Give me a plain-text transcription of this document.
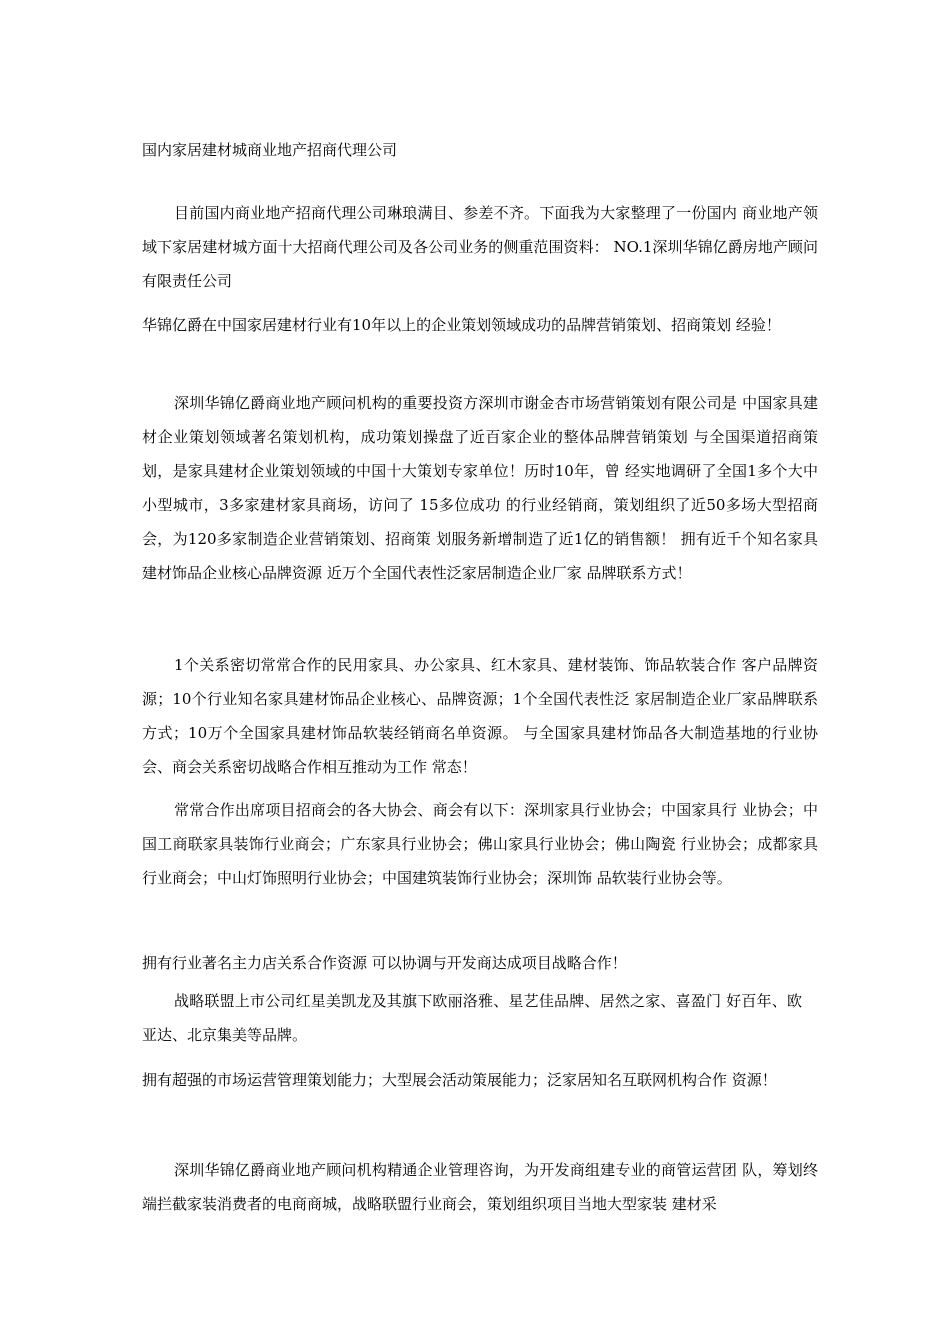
国内家居建材城商业地产招商代理公司

目前国内商业地产招商代理公司琳琅满目、参差不齐。下面我为大家整理了一份国内 商业地产领域下家居建材城方面十大招商代理公司及各公司业务的侧重范围资料： NO.1深圳华锦亿爵房地产顾问有限责任公司

华锦亿爵在中国家居建材行业有10年以上的企业策划领域成功的品牌营销策划、招商策划 经验！

深圳华锦亿爵商业地产顾问机构的重要投资方深圳市谢金杏市场营销策划有限公司是 中国家具建材企业策划领域著名策划机构，成功策划操盘了近百家企业的整体品牌营销策划 与全国渠道招商策划，是家具建材企业策划领域的中国十大策划专家单位！历时10年，曾 经实地调研了全国1多个大中小型城市，3多家建材家具商场，访问了 15多位成功 的行业经销商，策划组织了近50多场大型招商会，为120多家制造企业营销策划、招商策 划服务新增制造了近1亿的销售额！ 拥有近千个知名家具建材饰品企业核心品牌资源 近万个全国代表性泛家居制造企业厂家 品牌联系方式！

1个关系密切常常合作的民用家具、办公家具、红木家具、建材装饰、饰品软装合作 客户品牌资源；10个行业知名家具建材饰品企业核心、品牌资源；1个全国代表性泛 家居制造企业厂家品牌联系方式；10万个全国家具建材饰品软装经销商名单资源。 与全国家具建材饰品各大制造基地的行业协会、商会关系密切战略合作相互推动为工作 常态！

常常合作出席项目招商会的各大协会、商会有以下：深圳家具行业协会；中国家具行 业协会；中国工商联家具装饰行业商会；广东家具行业协会；佛山家具行业协会；佛山陶瓷 行业协会；成都家具行业商会；中山灯饰照明行业协会；中国建筑装饰行业协会；深圳饰 品软装行业协会等。

拥有行业著名主力店关系合作资源 可以协调与开发商达成项目战略合作！

战略联盟上市公司红星美凯龙及其旗下欧丽洛雅、星艺佳品牌、居然之家、喜盈门 好百年、欧亚达、北京集美等品牌。

拥有超强的市场运营管理策划能力；大型展会活动策展能力；泛家居知名互联网机构合作 资源！

深圳华锦亿爵商业地产顾问机构精通企业管理咨询，为开发商组建专业的商管运营团 队，筹划终端拦截家装消费者的电商商城，战略联盟行业商会，策划组织项目当地大型家装 建材采
